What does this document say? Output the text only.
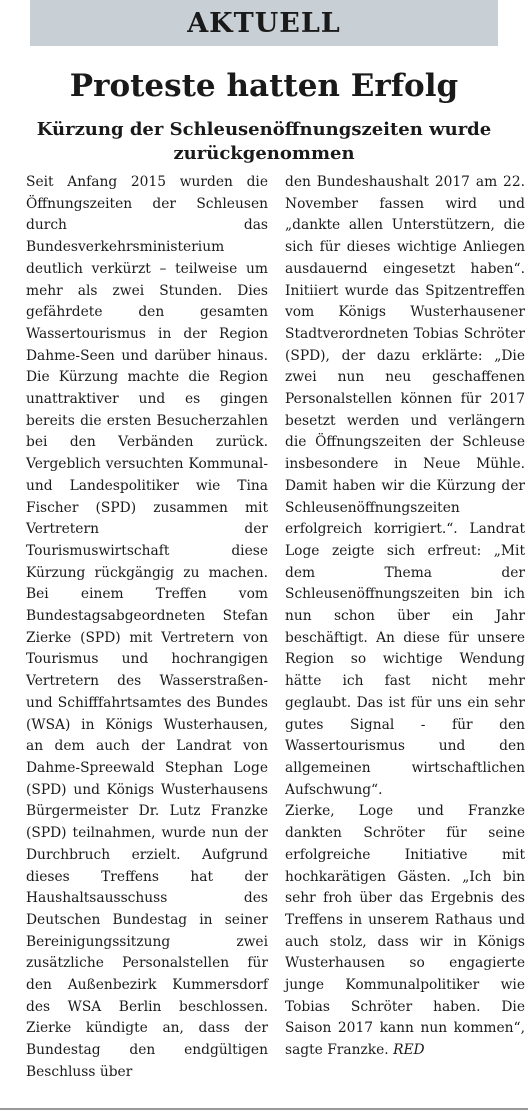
AKTUELL
Proteste hatten Erfolg
Kürzung der Schleusenöffnungszeiten wurde zurückgenommen

Seit Anfang 2015 wurden die Öffnungszeiten der Schleusen durch das Bundesverkehrsministerium deutlich verkürzt – teilweise um mehr als zwei Stunden. Dies gefährdete den gesamten Wassertourismus in der Region Dahme-Seen und darüber hinaus. Die Kürzung machte die Region unattraktiver und es gingen bereits die ersten Besucherzahlen bei den Verbänden zurück. Vergeblich versuchten Kommunal- und Landespolitiker wie Tina Fischer (SPD) zusammen mit Vertretern der Tourismuswirtschaft diese Kürzung rückgängig zu machen. Bei einem Treffen vom Bundestagsabgeordneten Stefan Zierke (SPD) mit Vertretern von Tourismus und hochrangigen Vertretern des Wasserstraßen- und Schifffahrtsamtes des Bundes (WSA) in Königs Wusterhausen, an dem auch der Landrat von Dahme-Spreewald Stephan Loge (SPD) und Königs Wusterhausens Bürgermeister Dr. Lutz Franzke (SPD) teilnahmen, wurde nun der Durchbruch erzielt. Aufgrund dieses Treffens hat der Haushaltsausschuss des Deutschen Bundestag in seiner Bereinigungssitzung zwei zusätzliche Personalstellen für den Außenbezirk Kummersdorf des WSA Berlin beschlossen. Zierke kündigte an, dass der Bundestag den endgültigen Beschluss über

den Bundeshaushalt 2017 am 22. November fassen wird und „dankte allen Unterstützern, die sich für dieses wichtige Anliegen ausdauernd eingesetzt haben“. Initiiert wurde das Spitzentreffen vom Königs Wusterhausener Stadtverordneten Tobias Schröter (SPD), der dazu erklärte: „Die zwei nun neu geschaffenen Personalstellen können für 2017 besetzt werden und verlängern die Öffnungszeiten der Schleuse insbesondere in Neue Mühle. Damit haben wir die Kürzung der Schleusenöffnungszeiten erfolgreich korrigiert.“. Landrat Loge zeigte sich erfreut: „Mit dem Thema der Schleusenöffnungszeiten bin ich nun schon über ein Jahr beschäftigt. An diese für unsere Region so wichtige Wendung hätte ich fast nicht mehr geglaubt. Das ist für uns ein sehr gutes Signal - für den Wassertourismus und den allgemeinen wirtschaftlichen Aufschwung“.

Zierke, Loge und Franzke dankten Schröter für seine erfolgreiche Initiative mit hochkarätigen Gästen. „Ich bin sehr froh über das Ergebnis des Treffens in unserem Rathaus und auch stolz, dass wir in Königs Wusterhausen so engagierte junge Kommunalpolitiker wie Tobias Schröter haben. Die Saison 2017 kann nun kommen“, sagte Franzke. RED
